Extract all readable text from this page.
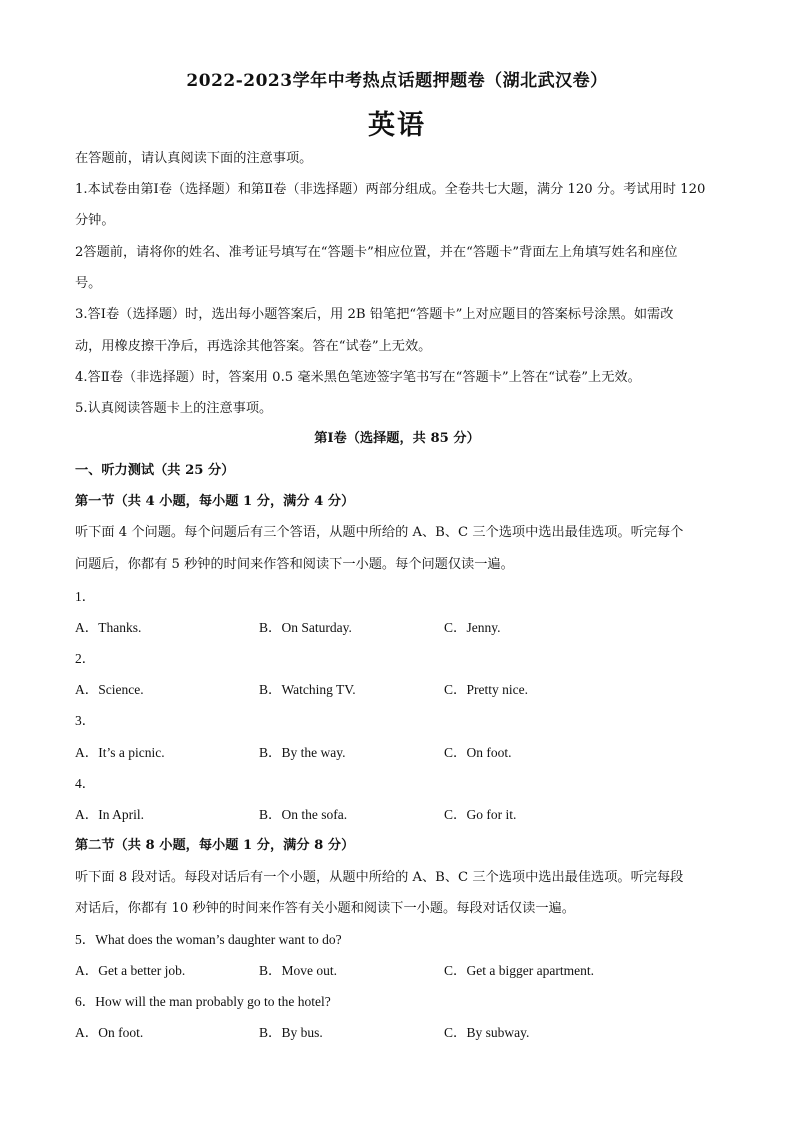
2022-2023学年中考热点话题押题卷（湖北武汉卷）
英语
在答题前，请认真阅读下面的注意事项。
1.本试卷由第Ⅰ卷（选择题）和第Ⅱ卷（非选择题）两部分组成。全卷共七大题，满分 120 分。考试用时 120
分钟。
2答题前，请将你的姓名、准考证号填写在“答题卡”相应位置，并在“答题卡”背面左上角填写姓名和座位
号。
3.答Ⅰ卷（选择题）时，选出每小题答案后，用 2B 铅笔把“答题卡”上对应题目的答案标号涂黑。如需改
动，用橡皮擦干净后，再选涂其他答案。答在“试卷”上无效。
4.答Ⅱ卷（非选择题）时，答案用 0.5 毫米黑色笔迹签字笔书写在“答题卡”上答在“试卷”上无效。
5.认真阅读答题卡上的注意事项。
第Ⅰ卷（选择题，共 85 分）
一、听力测试（共 25 分）
第一节（共 4 小题，每小题 1 分，满分 4 分）
听下面 4 个问题。每个问题后有三个答语，从题中所给的 A、B、C 三个选项中选出最佳选项。听完每个
问题后，你都有 5 秒钟的时间来作答和阅读下一小题。每个问题仅读一遍。
1．
A．Thanks.	B．On Saturday.	C．Jenny.
2．
A．Science.	B．Watching TV.	C．Pretty nice.
3．
A．It’s a picnic.	B．By the way.	C．On foot.
4．
A．In April.	B．On the sofa.	C．Go for it.
第二节（共 8 小题，每小题 1 分，满分 8 分）
听下面 8 段对话。每段对话后有一个小题，从题中所给的 A、B、C 三个选项中选出最佳选项。听完每段
对话后，你都有 10 秒钟的时间来作答有关小题和阅读下一小题。每段对话仅读一遍。
5．What does the woman’s daughter want to do?
A．Get a better job.	B．Move out.	C．Get a bigger apartment.
6．How will the man probably go to the hotel?
A．On foot.	B．By bus.	C．By subway.
